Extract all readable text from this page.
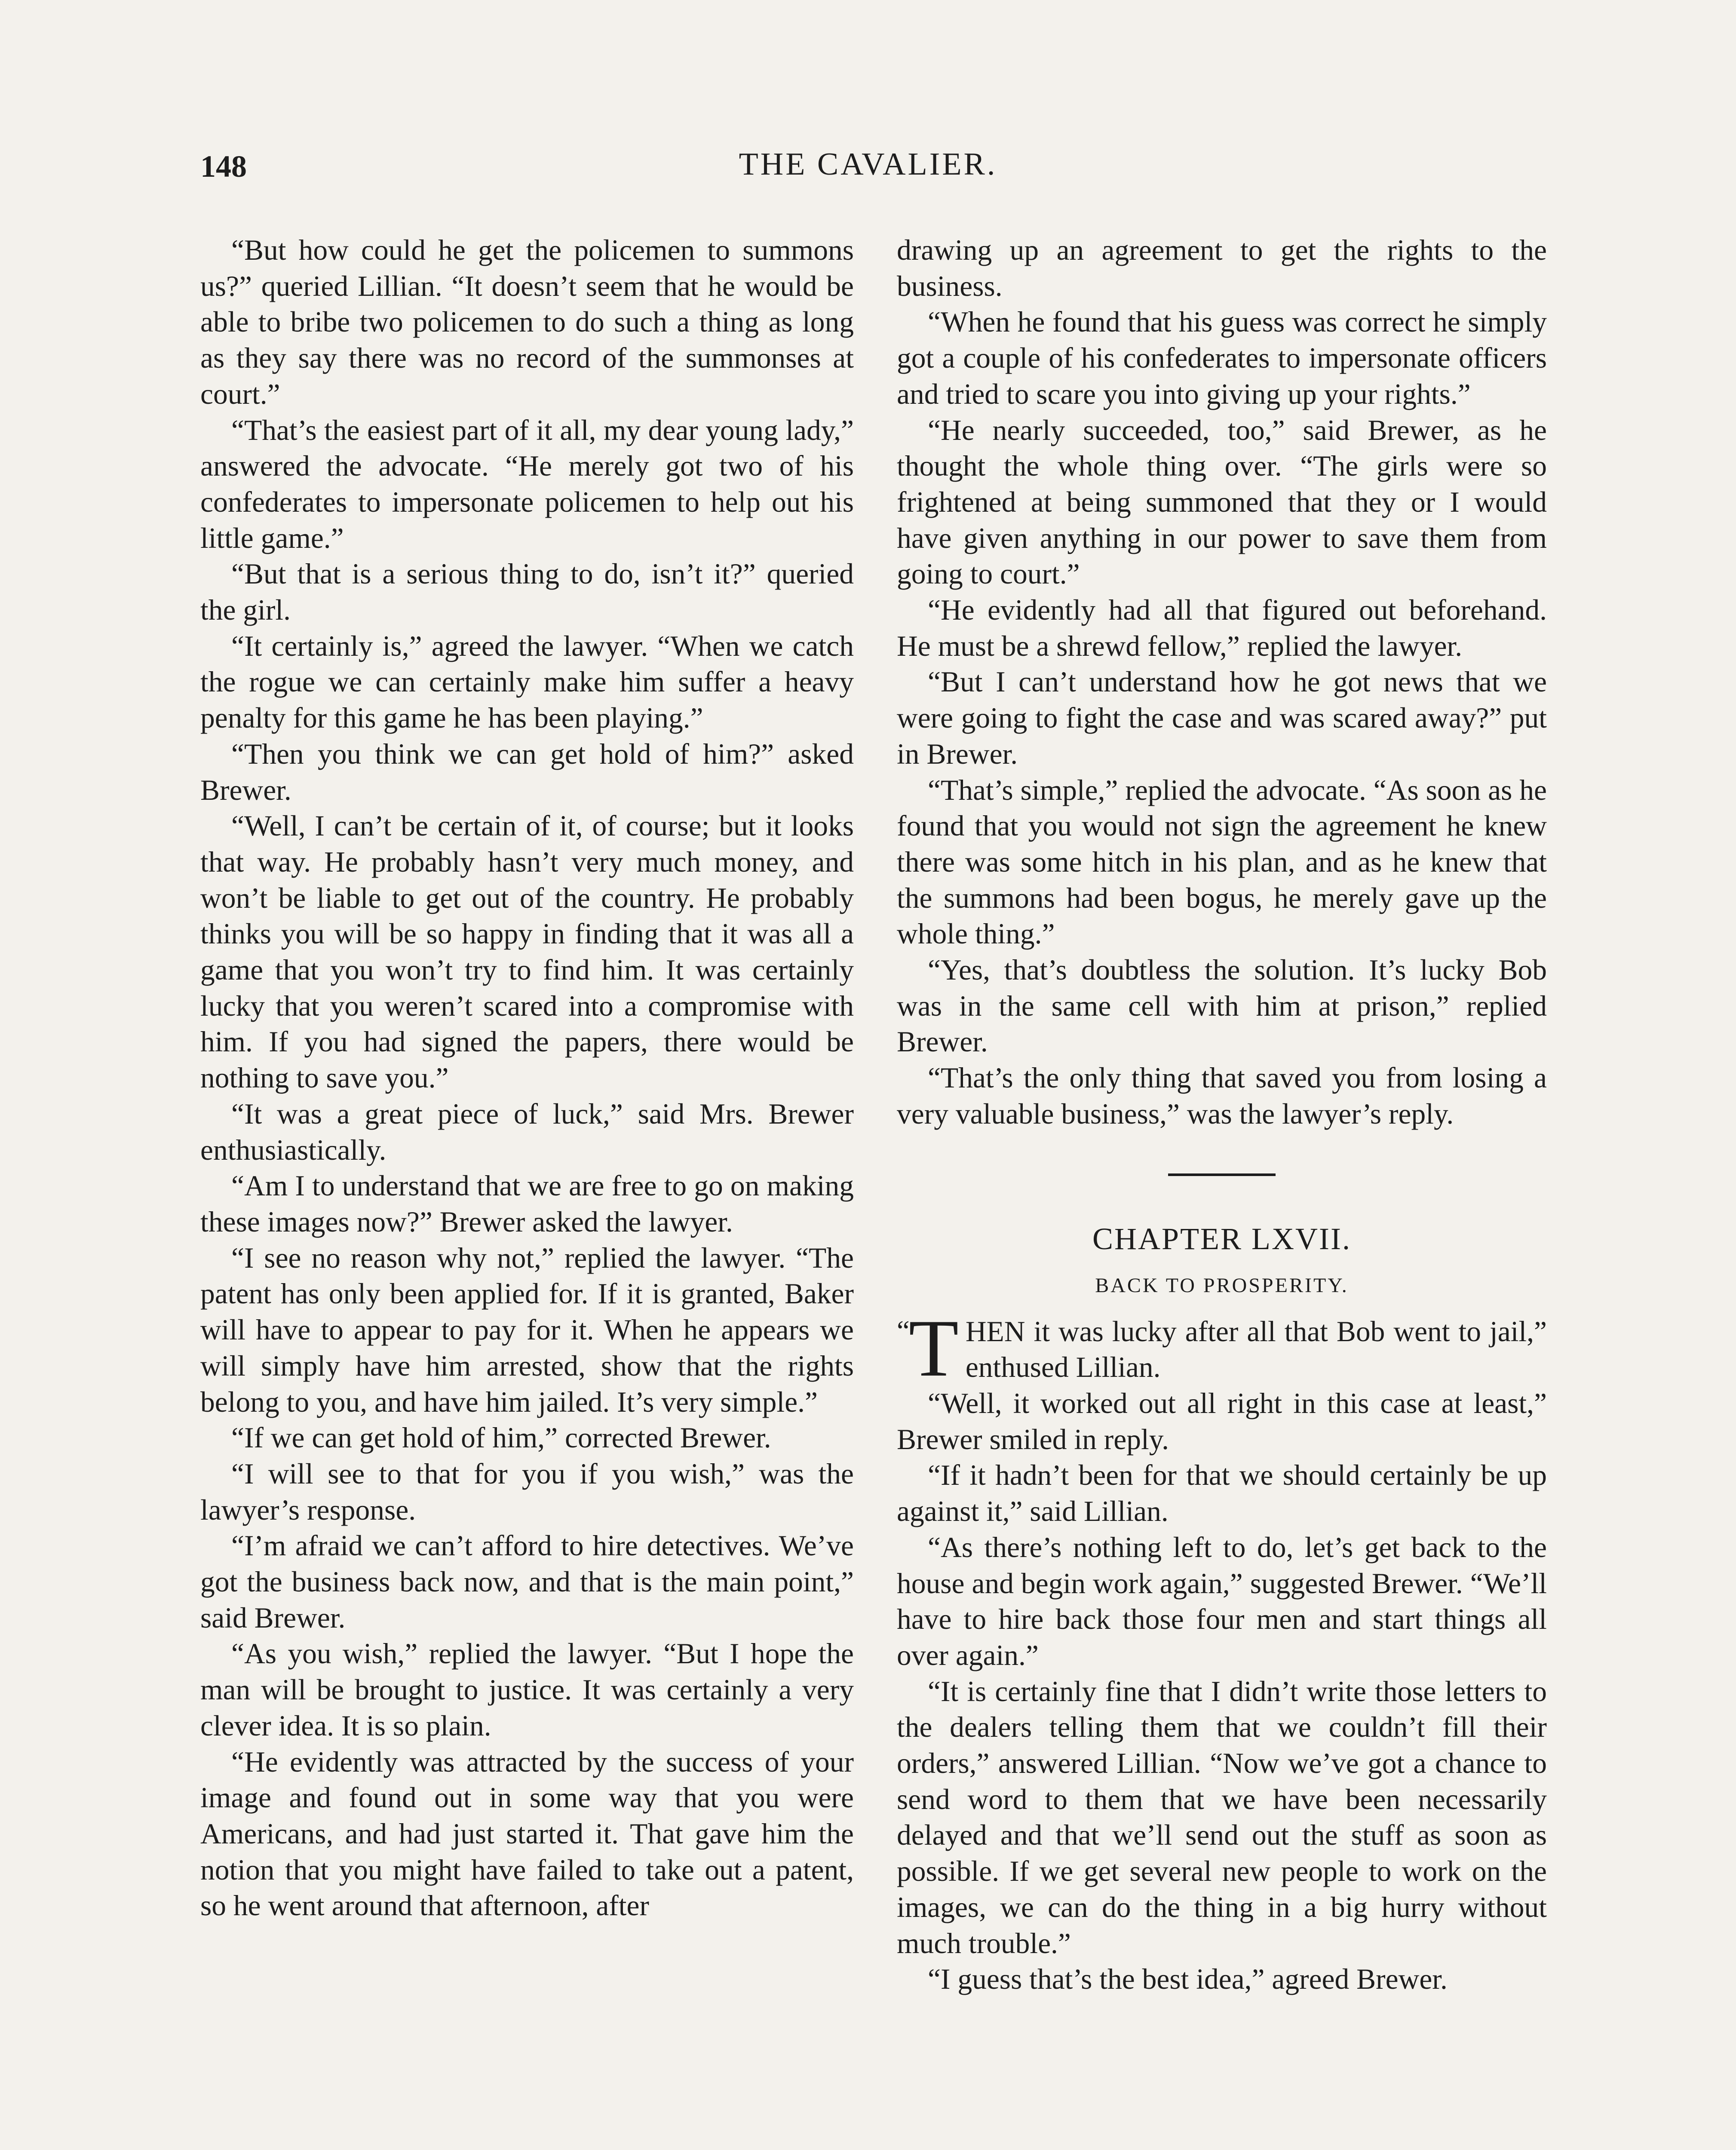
148	THE CAVALIER.

“But how could he get the policemen to summons us?” queried Lillian. “It doesn’t seem that he would be able to bribe two policemen to do such a thing as long as they say there was no record of the summonses at court.”

“That’s the easiest part of it all, my dear young lady,” answered the advocate. “He merely got two of his confederates to impersonate policemen to help out his little game.”

“But that is a serious thing to do, isn’t it?” queried the girl.

“It certainly is,” agreed the lawyer. “When we catch the rogue we can certainly make him suffer a heavy penalty for this game he has been playing.”

“Then you think we can get hold of him?” asked Brewer.

“Well, I can’t be certain of it, of course; but it looks that way. He probably hasn’t very much money, and won’t be liable to get out of the country. He probably thinks you will be so happy in finding that it was all a game that you won’t try to find him. It was certainly lucky that you weren’t scared into a compromise with him. If you had signed the papers, there would be nothing to save you.”

“It was a great piece of luck,” said Mrs. Brewer enthusiastically.

“Am I to understand that we are free to go on making these images now?” Brewer asked the lawyer.

“I see no reason why not,” replied the lawyer. “The patent has only been applied for. If it is granted, Baker will have to appear to pay for it. When he appears we will simply have him arrested, show that the rights belong to you, and have him jailed. It’s very simple.”

“If we can get hold of him,” corrected Brewer.

“I will see to that for you if you wish,” was the lawyer’s response.

“I’m afraid we can’t afford to hire detectives. We’ve got the business back now, and that is the main point,” said Brewer.

“As you wish,” replied the lawyer. “But I hope the man will be brought to justice. It was certainly a very clever idea. It is so plain.

“He evidently was attracted by the success of your image and found out in some way that you were Americans, and had just started it. That gave him the notion that you might have failed to take out a patent, so he went around that afternoon, after

drawing up an agreement to get the rights to the business.

“When he found that his guess was correct he simply got a couple of his confederates to impersonate officers and tried to scare you into giving up your rights.”

“He nearly succeeded, too,” said Brewer, as he thought the whole thing over. “The girls were so frightened at being summoned that they or I would have given anything in our power to save them from going to court.”

“He evidently had all that figured out beforehand. He must be a shrewd fellow,” replied the lawyer.

“But I can’t understand how he got news that we were going to fight the case and was scared away?” put in Brewer.

“That’s simple,” replied the advocate. “As soon as he found that you would not sign the agreement he knew there was some hitch in his plan, and as he knew that the summons had been bogus, he merely gave up the whole thing.”

“Yes, that’s doubtless the solution. It’s lucky Bob was in the same cell with him at prison,” replied Brewer.

“That’s the only thing that saved you from losing a very valuable business,” was the lawyer’s reply.

CHAPTER LXVII.
BACK TO PROSPERITY.

“
T HEN it was lucky after all that Bob went to jail,” enthused Lillian.

“Well, it worked out all right in this case at least,” Brewer smiled in reply.

“If it hadn’t been for that we should certainly be up against it,” said Lillian.

“As there’s nothing left to do, let’s get back to the house and begin work again,” suggested Brewer. “We’ll have to hire back those four men and start things all over again.”

“It is certainly fine that I didn’t write those letters to the dealers telling them that we couldn’t fill their orders,” answered Lillian. “Now we’ve got a chance to send word to them that we have been necessarily delayed and that we’ll send out the stuff as soon as possible. If we get several new people to work on the images, we can do the thing in a big hurry without much trouble.”

“I guess that’s the best idea,” agreed Brewer.
